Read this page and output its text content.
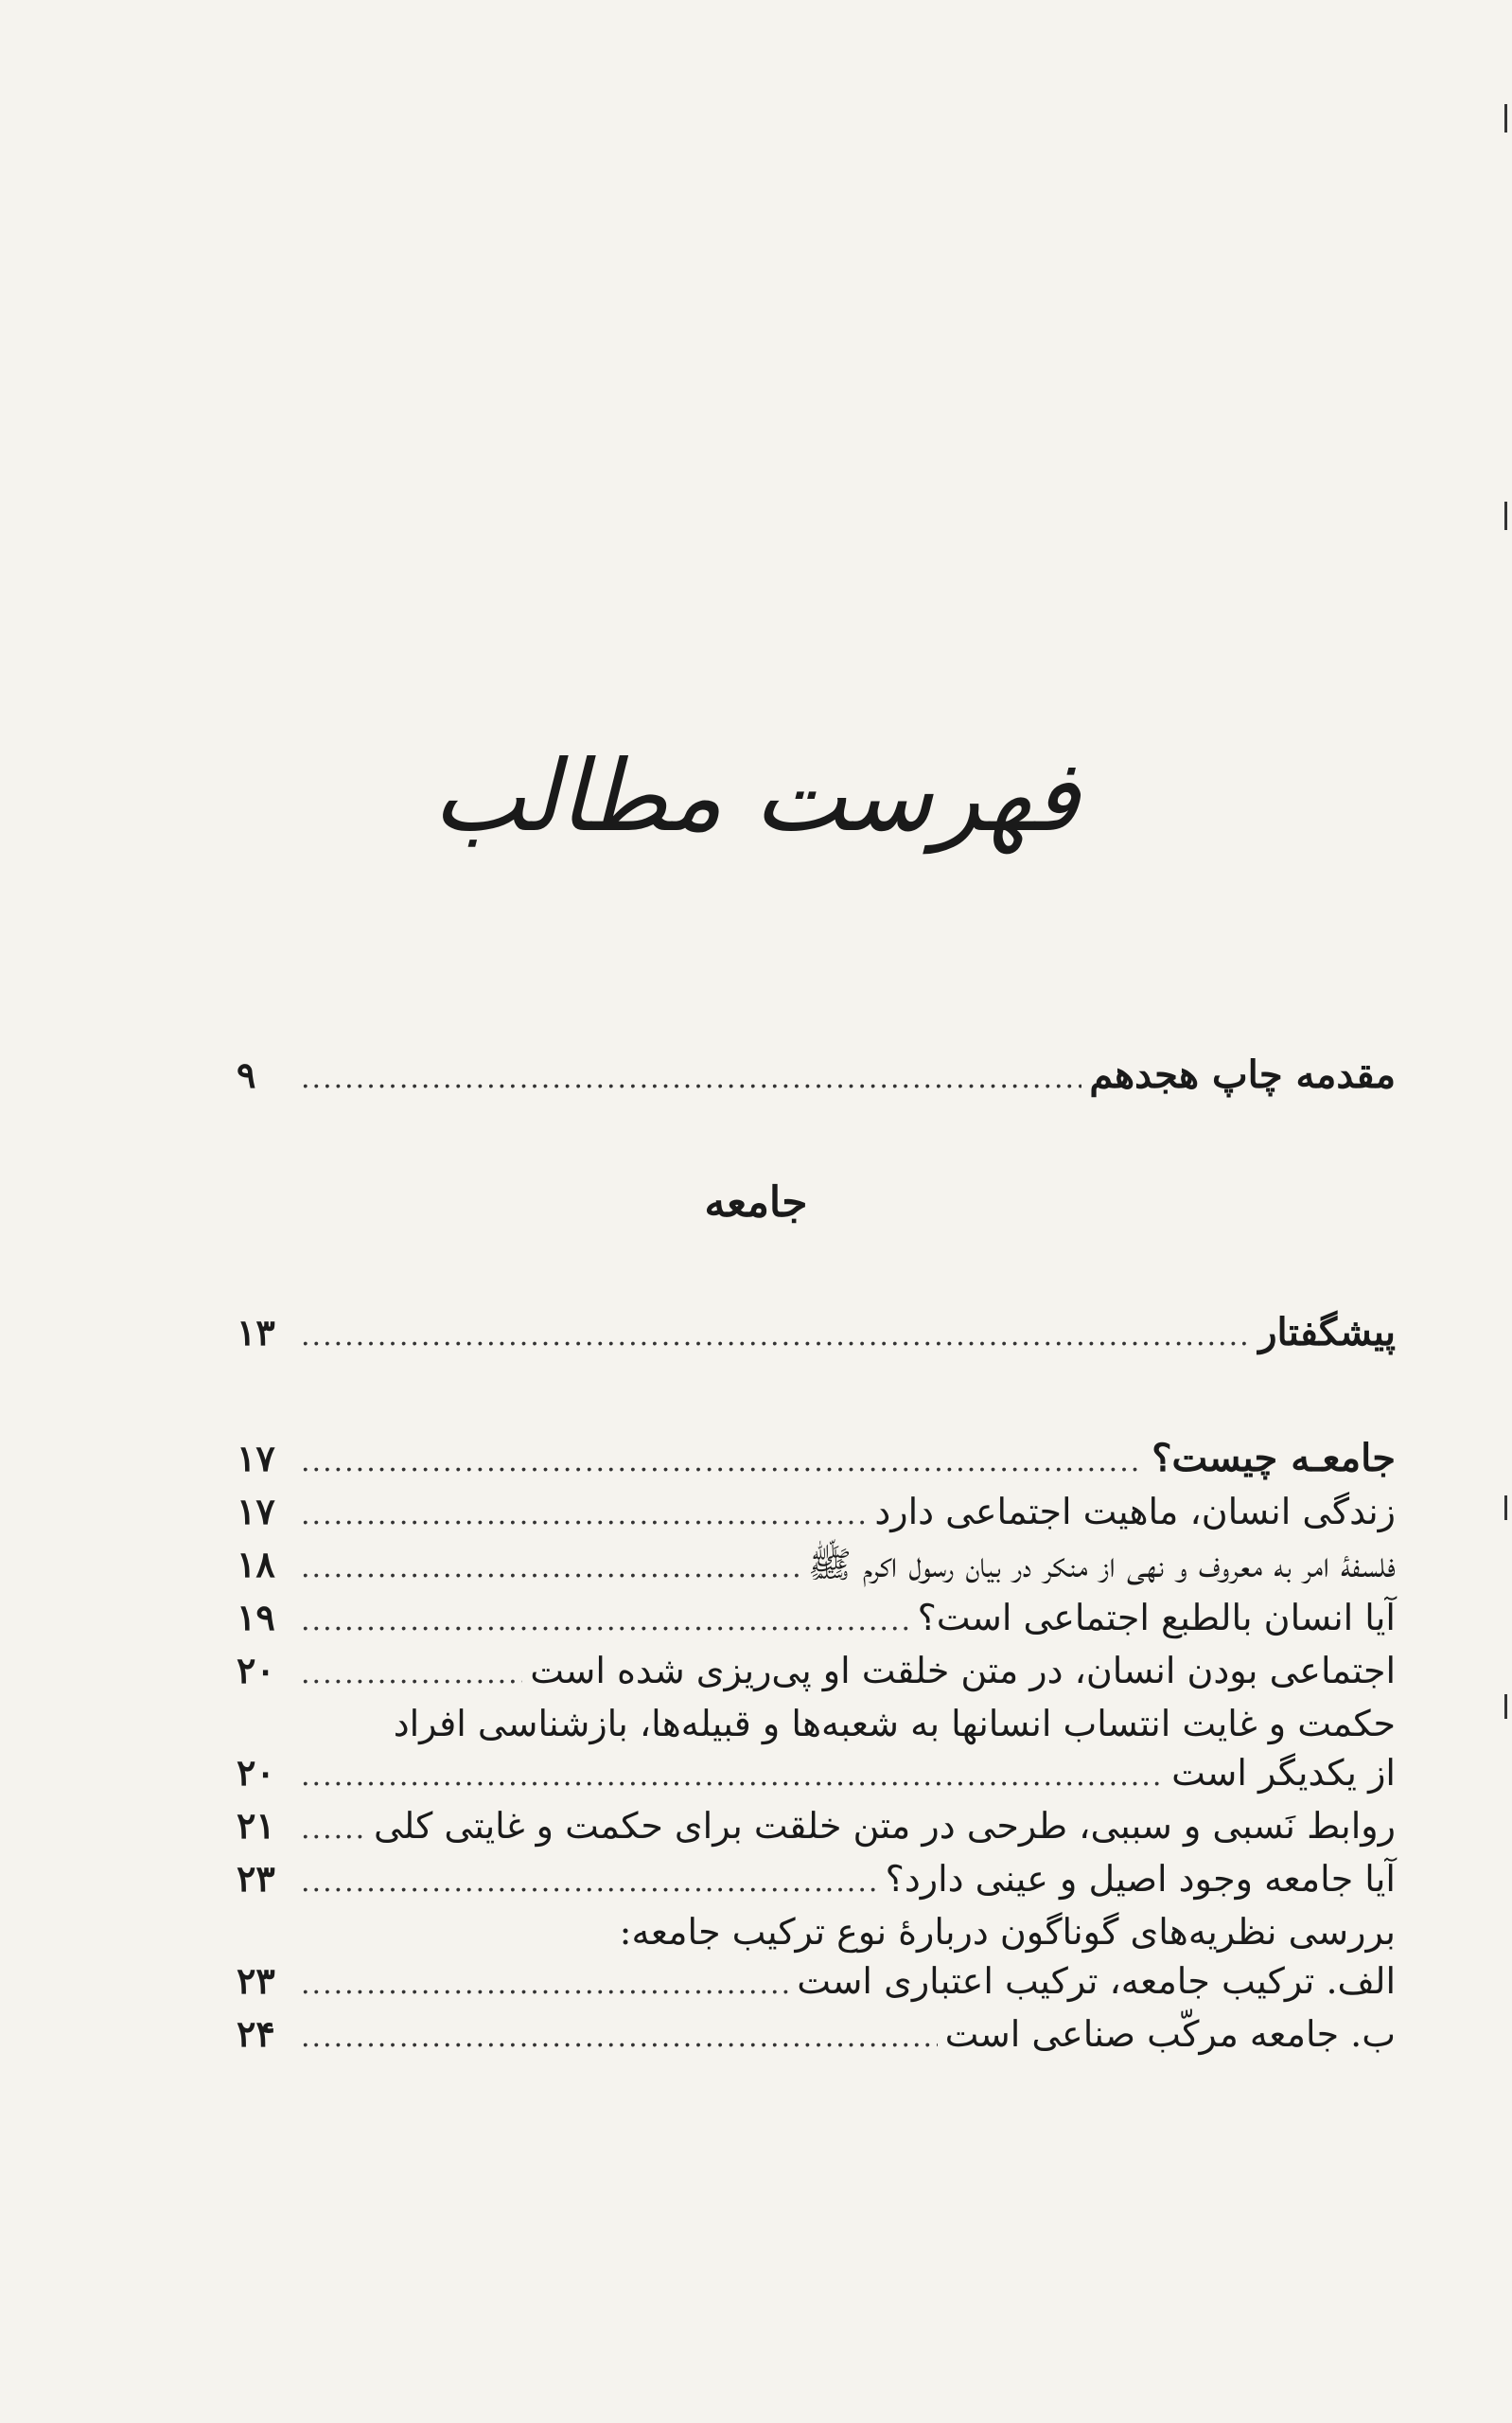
فهرست مطالب
مقدمه چاپ هجدهم
.....
۹
جامعه
پیشگفتار
.....
۱۳
جامعـه چیست؟
.....
۱۷
زندگی انسان، ماهیت اجتماعی دارد
.....
۱۷
فلسفهٔ امر به معروف و نهی از منکر در بیان رسول اکرم ﷺ
.....
۱۸
آیا انسان بالطبع اجتماعی است؟
.....
۱۹
اجتماعی بودن انسان، در متن خلقت او پی‌ریزی شده است
.....
۲۰
حکمت و غایت انتساب انسانها به شعبه‌ها و قبیله‌ها، بازشناسی افراد
از یکدیگر است
.....
۲۰
روابط نَسبی و سببی، طرحی در متن خلقت برای حکمت و غایتی کلی
.....
۲۱
آیا جامعه وجود اصیل و عینی دارد؟
.....
۲۳
بررسی نظریه‌های گوناگون دربارهٔ نوع ترکیب جامعه:
الف. ترکیب جامعه، ترکیب اعتباری است
.....
۲۳
ب. جامعه مرکّب صناعی است
.....
۲۴
